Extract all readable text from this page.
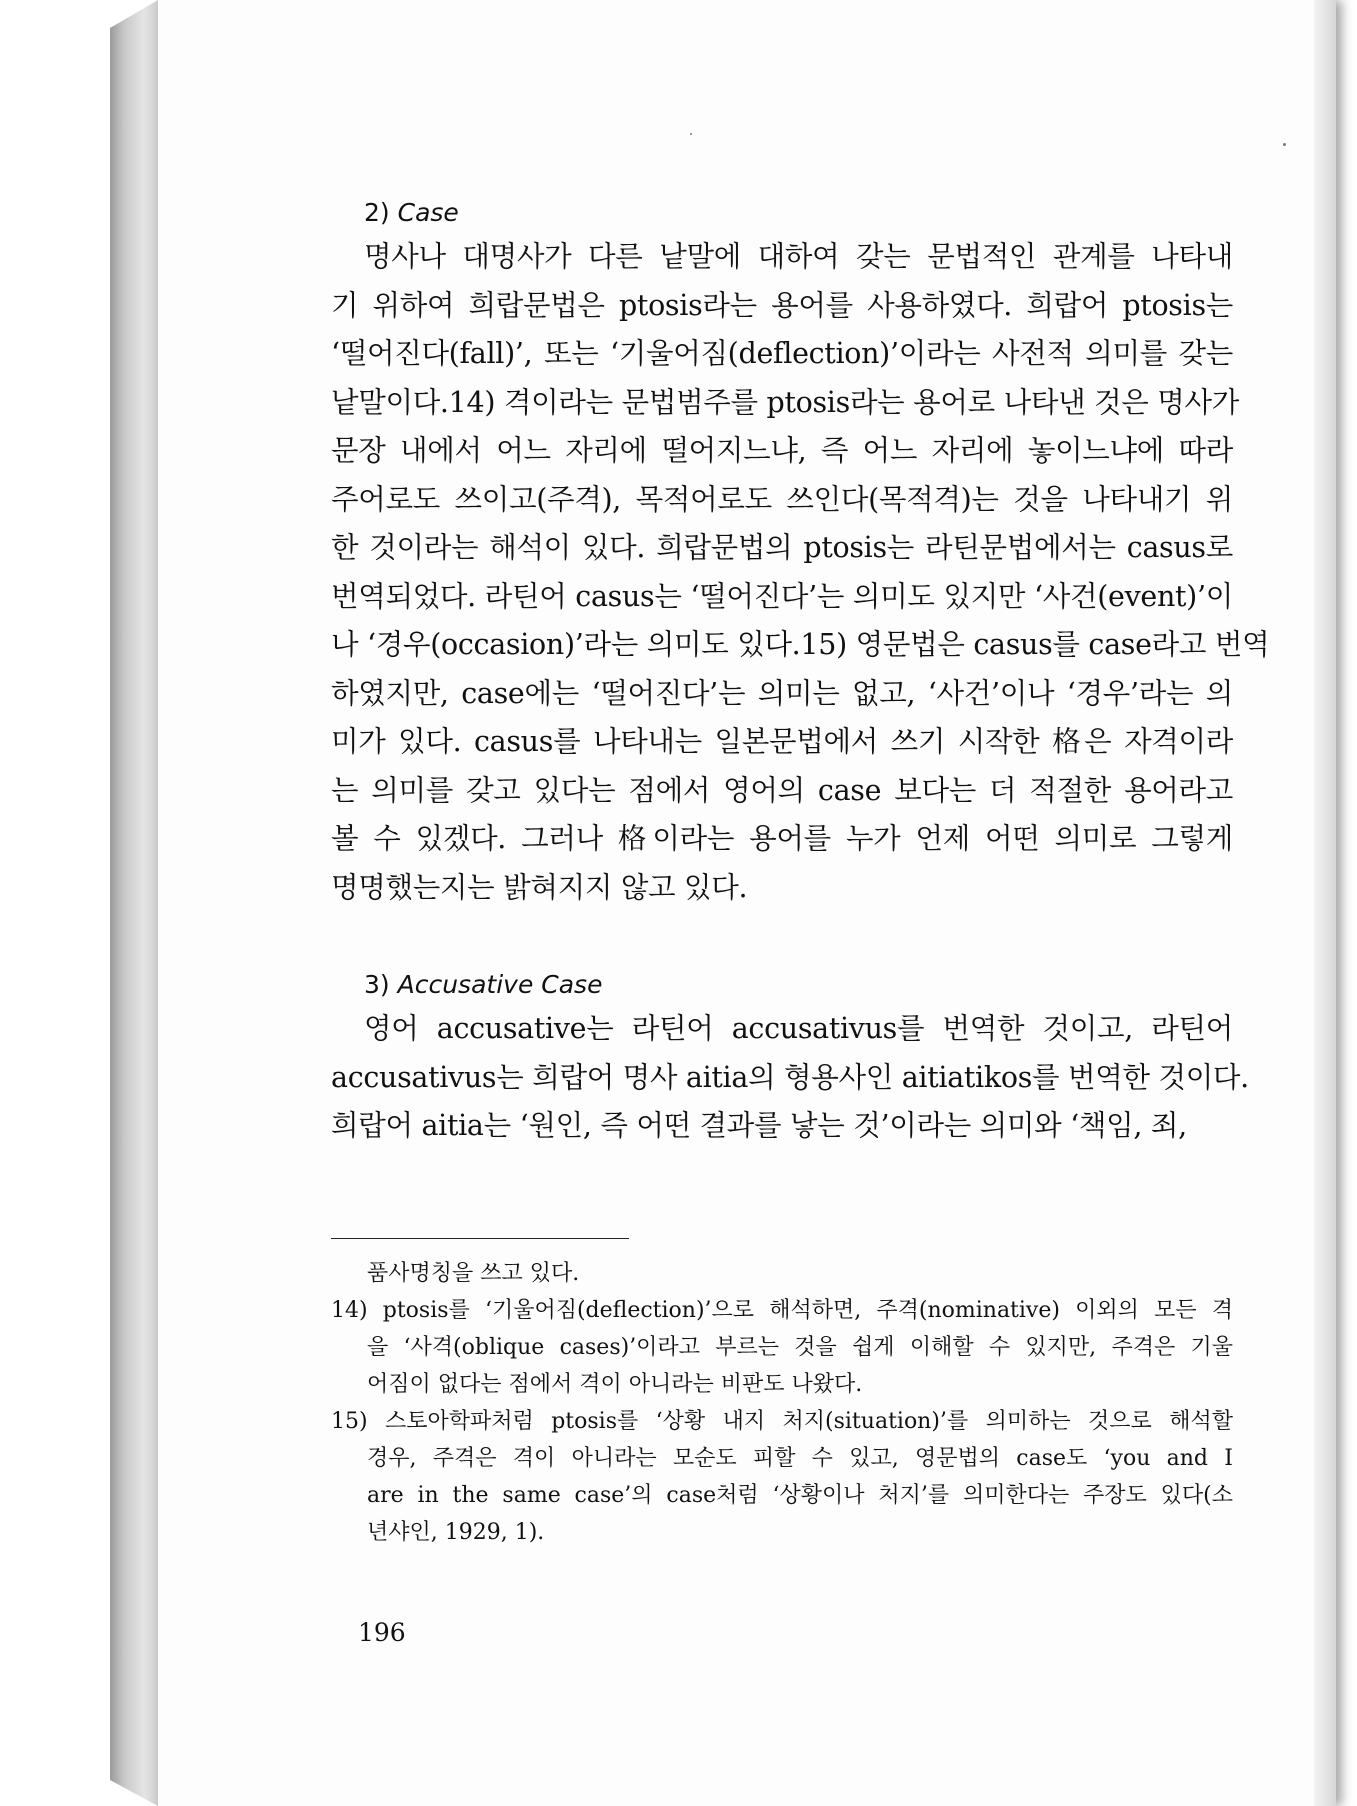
2) Case
명사나 대명사가 다른 낱말에 대하여 갖는 문법적인 관계를 나타내
기 위하여 희랍문법은 ptosis라는 용어를 사용하였다. 희랍어 ptosis는
‘떨어진다(fall)’, 또는 ‘기울어짐(deflection)’이라는 사전적 의미를 갖는
낱말이다.14) 격이라는 문법범주를 ptosis라는 용어로 나타낸 것은 명사가
문장 내에서 어느 자리에 떨어지느냐, 즉 어느 자리에 놓이느냐에 따라
주어로도 쓰이고(주격), 목적어로도 쓰인다(목적격)는 것을 나타내기 위
한 것이라는 해석이 있다. 희랍문법의 ptosis는 라틴문법에서는 casus로
번역되었다. 라틴어 casus는 ‘떨어진다’는 의미도 있지만 ‘사건(event)’이
나 ‘경우(occasion)’라는 의미도 있다.15) 영문법은 casus를 case라고 번역
하였지만, case에는 ‘떨어진다’는 의미는 없고, ‘사건’이나 ‘경우’라는 의
미가 있다. casus를 나타내는 일본문법에서 쓰기 시작한 格은 자격이라
는 의미를 갖고 있다는 점에서 영어의 case 보다는 더 적절한 용어라고
볼 수 있겠다. 그러나 格이라는 용어를 누가 언제 어떤 의미로 그렇게
명명했는지는 밝혀지지 않고 있다.
3) Accusative Case
영어 accusative는 라틴어 accusativus를 번역한 것이고, 라틴어
accusativus는 희랍어 명사 aitia의 형용사인 aitiatikos를 번역한 것이다.
희랍어 aitia는 ‘원인, 즉 어떤 결과를 낳는 것’이라는 의미와 ‘책임, 죄,
품사명칭을 쓰고 있다.
14) ptosis를 ‘기울어짐(deflection)’으로 해석하면, 주격(nominative) 이외의 모든 격
을 ‘사격(oblique cases)’이라고 부르는 것을 쉽게 이해할 수 있지만, 주격은 기울
어짐이 없다는 점에서 격이 아니라는 비판도 나왔다.
15) 스토아학파처럼 ptosis를 ‘상황 내지 처지(situation)’를 의미하는 것으로 해석할
경우, 주격은 격이 아니라는 모순도 피할 수 있고, 영문법의 case도 ‘you and I
are in the same case’의 case처럼 ‘상황이나 처지’를 의미한다는 주장도 있다(소
년샤인, 1929, 1).
196
